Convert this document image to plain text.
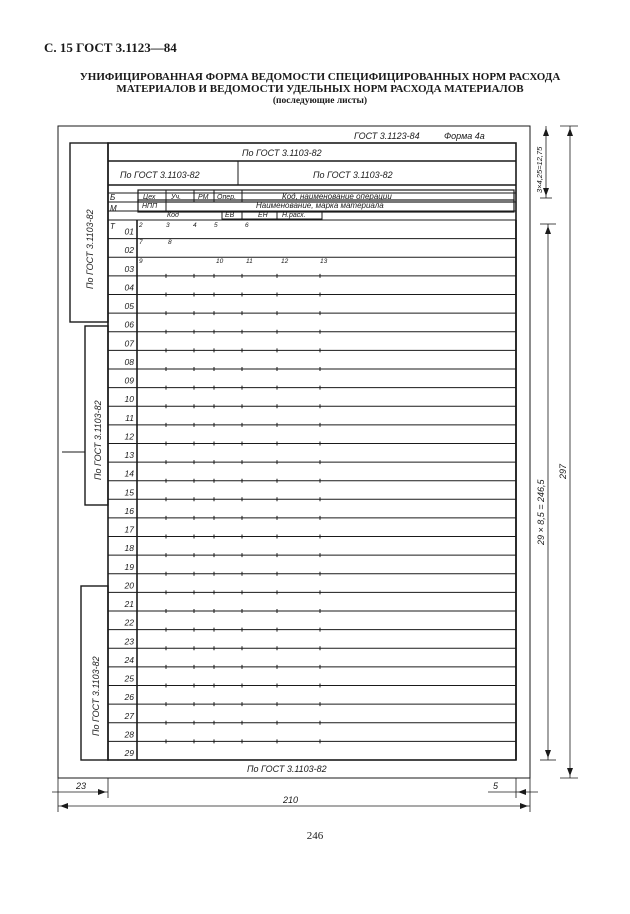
С. 15 ГОСТ 3.1123—84
УНИФИЦИРОВАННАЯ ФОРМА ВЕДОМОСТИ СПЕЦИФИЦИРОВАННЫХ НОРМ РАСХОДА
МАТЕРИАЛОВ И ВЕДОМОСТИ УДЕЛЬНЫХ НОРМ РАСХОДА МАТЕРИАЛОВ
(последующие листы)
ГОСТ 3.1123-84	Форма 4а
По ГОСТ 3.1103-82
По ГОСТ 3.1103-82	По ГОСТ 3.1103-82
По ГОСТ 3.1103-82
Б	Цех Уч. РМ Опер.	Код, наименование операции
М	НПП	Наименование, марка материала
Код	ЕВ	ЕН Н.расх.
Т	2	3	4	5	6
7	8
9	10	11	12	13
01
02
03
04
05
06
07
08
09
10
11
12
13
14
15
16
17
18
19
20
21
22
23
24
25
26
27
28
29
По ГОСТ 3.1103-82
По ГОСТ 3.1103-82
По ГОСТ 3.1103-82
3×4,25=12,75
29 × 8,5 = 246,5
297
23	5
210
246
